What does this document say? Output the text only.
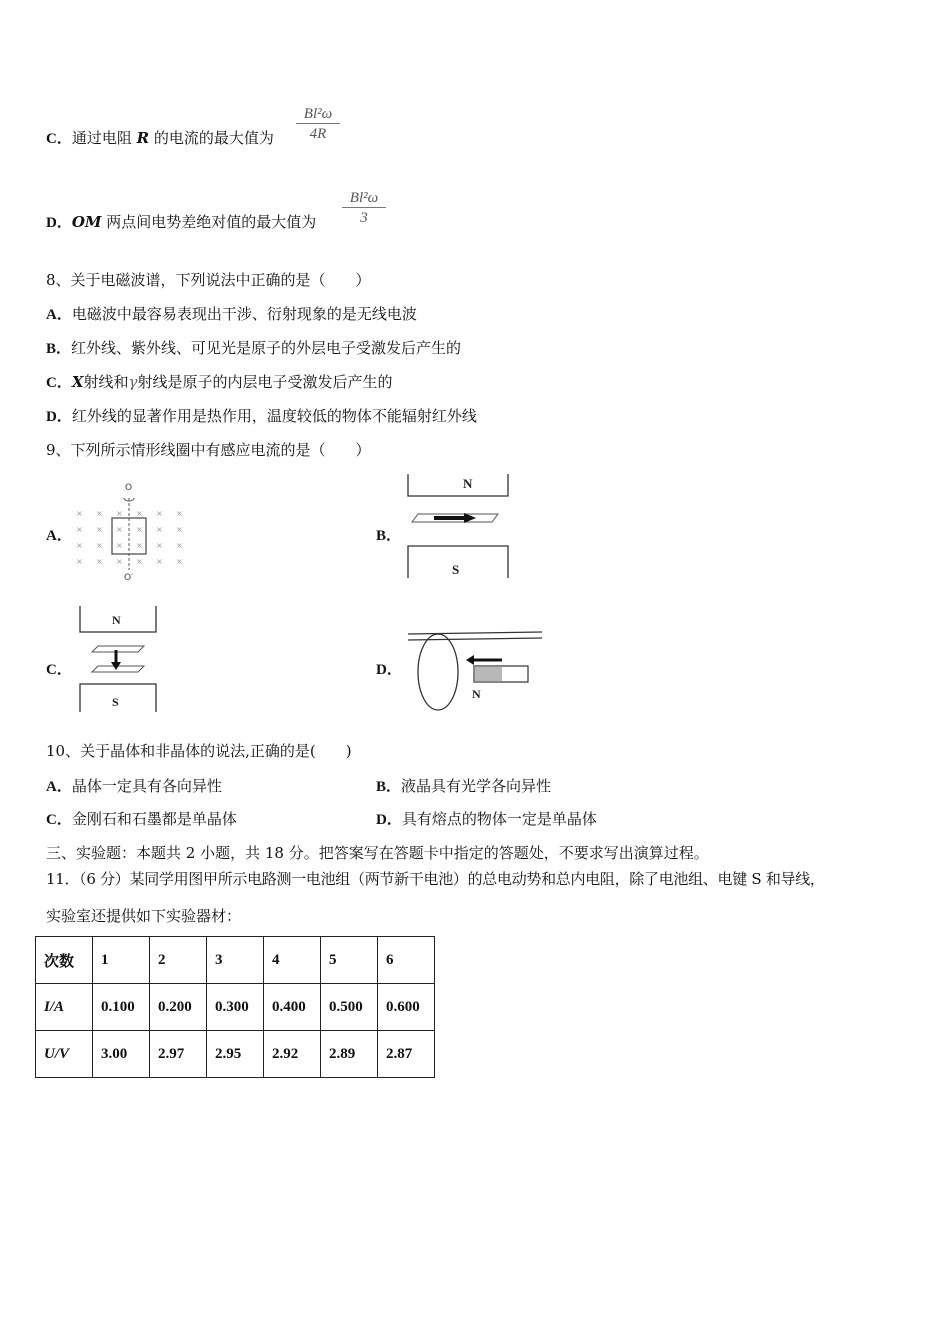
C．通过电阻 R 的电流的最大值为 $\frac{\text{Bl²ω}}{4R}$
D．OM 两点间电势差绝对值的最大值为 $\frac{\text{Bl²ω}}{3}$
8、关于电磁波谱，下列说法中正确的是（　　）
A．电磁波中最容易表现出干涉、衍射现象的是无线电波
B．红外线、紫外线、可见光是原子的外层电子受激发后产生的
C．X射线和γ射线是原子的内层电子受激发后产生的
D．红外线的显著作用是热作用，温度较低的物体不能辐射红外线
9、下列所示情形线圈中有感应电流的是（　　）
A．
× × × × × ×
× × × × × ×
× × × × × ×
× × × × × ×
O
O′
B．
N
S
C．
N
S
D．
N
10、关于晶体和非晶体的说法,正确的是(　　)
A．晶体一定具有各向异性	B．液晶具有光学各向异性
C．金刚石和石墨都是单晶体	D．具有熔点的物体一定是单晶体
三、实验题：本题共 2 小题，共 18 分。把答案写在答题卡中指定的答题处，不要求写出演算过程。
11．（6 分）某同学用图甲所示电路测一电池组（两节新干电池）的总电动势和总内电阻，除了电池组、电键 S 和导线，
实验室还提供如下实验器材：
次数	1	2	3	4	5	6
I/A	0.100	0.200	0.300	0.400	0.500	0.600
U/V	3.00	2.97	2.95	2.92	2.89	2.87
